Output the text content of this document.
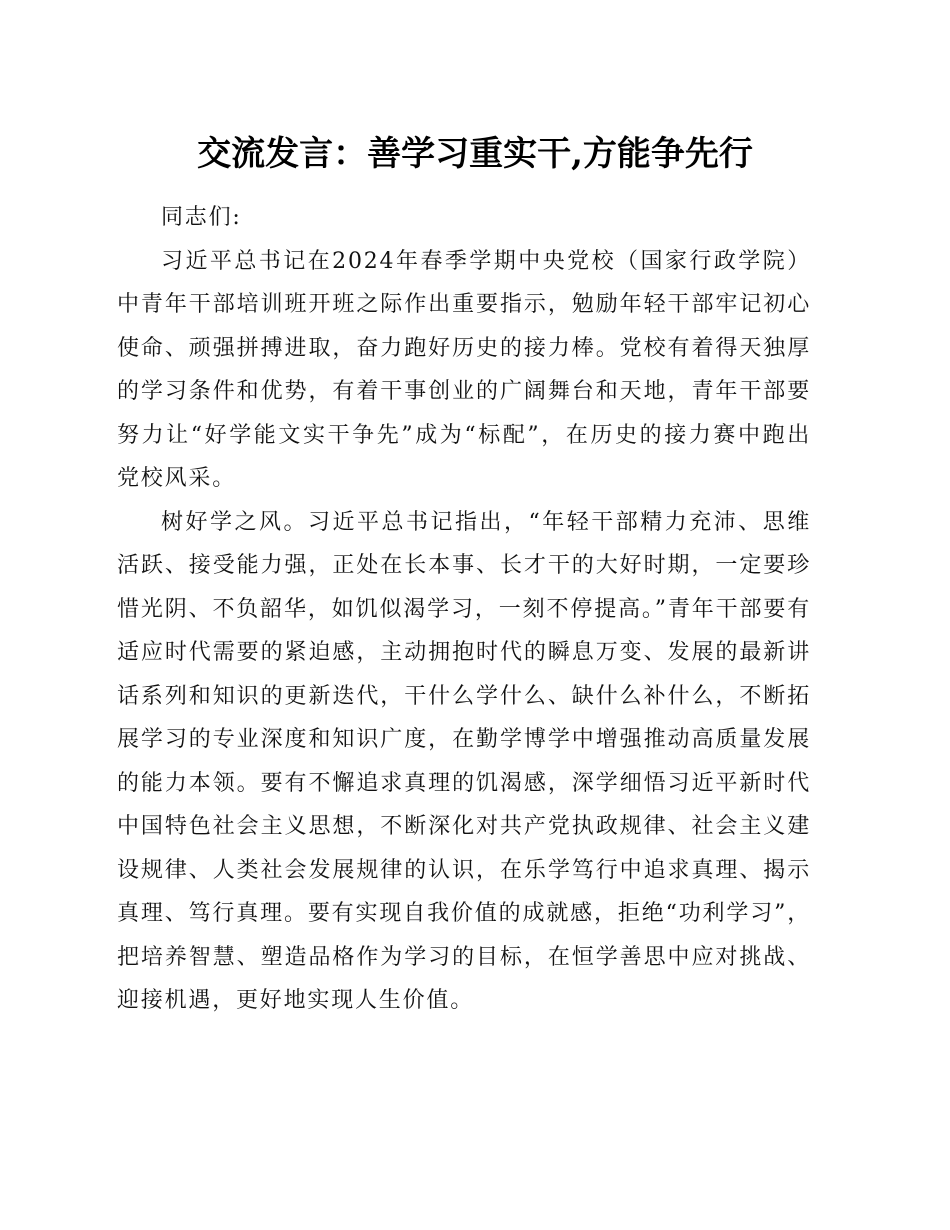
交流发言：善学习重实干,方能争先行

同志们:

习近平总书记在2024年春季学期中央党校（国家行政学院）中青年干部培训班开班之际作出重要指示，勉励年轻干部牢记初心使命、顽强拼搏进取，奋力跑好历史的接力棒。党校有着得天独厚的学习条件和优势，有着干事创业的广阔舞台和天地，青年干部要努力让“好学能文实干争先”成为“标配”，在历史的接力赛中跑出党校风采。

树好学之风。习近平总书记指出，“年轻干部精力充沛、思维活跃、接受能力强，正处在长本事、长才干的大好时期，一定要珍惜光阴、不负韶华，如饥似渴学习，一刻不停提高。”青年干部要有适应时代需要的紧迫感，主动拥抱时代的瞬息万变、发展的最新讲话系列和知识的更新迭代，干什么学什么、缺什么补什么，不断拓展学习的专业深度和知识广度，在勤学博学中增强推动高质量发展的能力本领。要有不懈追求真理的饥渴感，深学细悟习近平新时代中国特色社会主义思想，不断深化对共产党执政规律、社会主义建设规律、人类社会发展规律的认识，在乐学笃行中追求真理、揭示真理、笃行真理。要有实现自我价值的成就感，拒绝“功利学习”，把培养智慧、塑造品格作为学习的目标，在恒学善思中应对挑战、迎接机遇，更好地实现人生价值。
